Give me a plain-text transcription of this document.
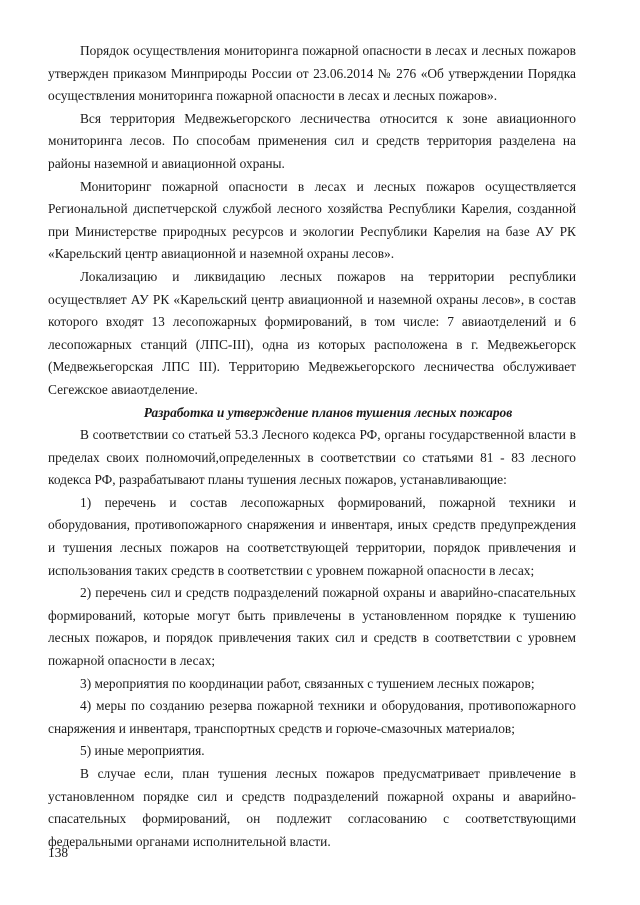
Порядок осуществления мониторинга пожарной опасности в лесах и лесных пожаров утвержден приказом Минприроды России от 23.06.2014 № 276 «Об утверждении Порядка осуществления мониторинга пожарной опасности в лесах и лесных пожаров».

Вся территория Медвежьегорского лесничества относится к зоне авиационного мониторинга лесов. По способам применения сил и средств территория разделена на районы наземной и авиационной охраны.

Мониторинг пожарной опасности в лесах и лесных пожаров осуществляется Региональной диспетчерской службой лесного хозяйства Республики Карелия, созданной при Министерстве природных ресурсов и экологии Республики Карелия на базе АУ РК «Карельский центр авиационной и наземной охраны лесов».

Локализацию и ликвидацию лесных пожаров на территории республики осуществляет АУ РК «Карельский центр авиационной и наземной охраны лесов», в состав которого входят 13 лесопожарных формирований, в том числе: 7 авиаотделений и 6 лесопожарных станций (ЛПС-III), одна из которых расположена в г. Медвежьегорск (Медвежьегорская ЛПС III). Территорию Медвежьегорского лесничества обслуживает Сегежское авиаотделение.

Разработка и утверждение планов тушения лесных пожаров

В соответствии со статьей 53.3 Лесного кодекса РФ, органы государственной власти в пределах своих полномочий,определенных в соответствии со статьями 81 - 83 лесного кодекса РФ, разрабатывают планы тушения лесных пожаров, устанавливающие:

1) перечень и состав лесопожарных формирований, пожарной техники и оборудования, противопожарного снаряжения и инвентаря, иных средств предупреждения и тушения лесных пожаров на соответствующей территории, порядок привлечения и использования таких средств в соответствии с уровнем пожарной опасности в лесах;

2) перечень сил и средств подразделений пожарной охраны и аварийно-спасательных формирований, которые могут быть привлечены в установленном порядке к тушению лесных пожаров, и порядок привлечения таких сил и средств в соответствии с уровнем пожарной опасности в лесах;

3) мероприятия по координации работ, связанных с тушением лесных пожаров;

4) меры по созданию резерва пожарной техники и оборудования, противопожарного снаряжения и инвентаря, транспортных средств и горюче-смазочных материалов;

5) иные мероприятия.

В случае если, план тушения лесных пожаров предусматривает привлечение в установленном порядке сил и средств подразделений пожарной охраны и аварийно-спасательных формирований, он подлежит согласованию с соответствующими федеральными органами исполнительной власти.

138
